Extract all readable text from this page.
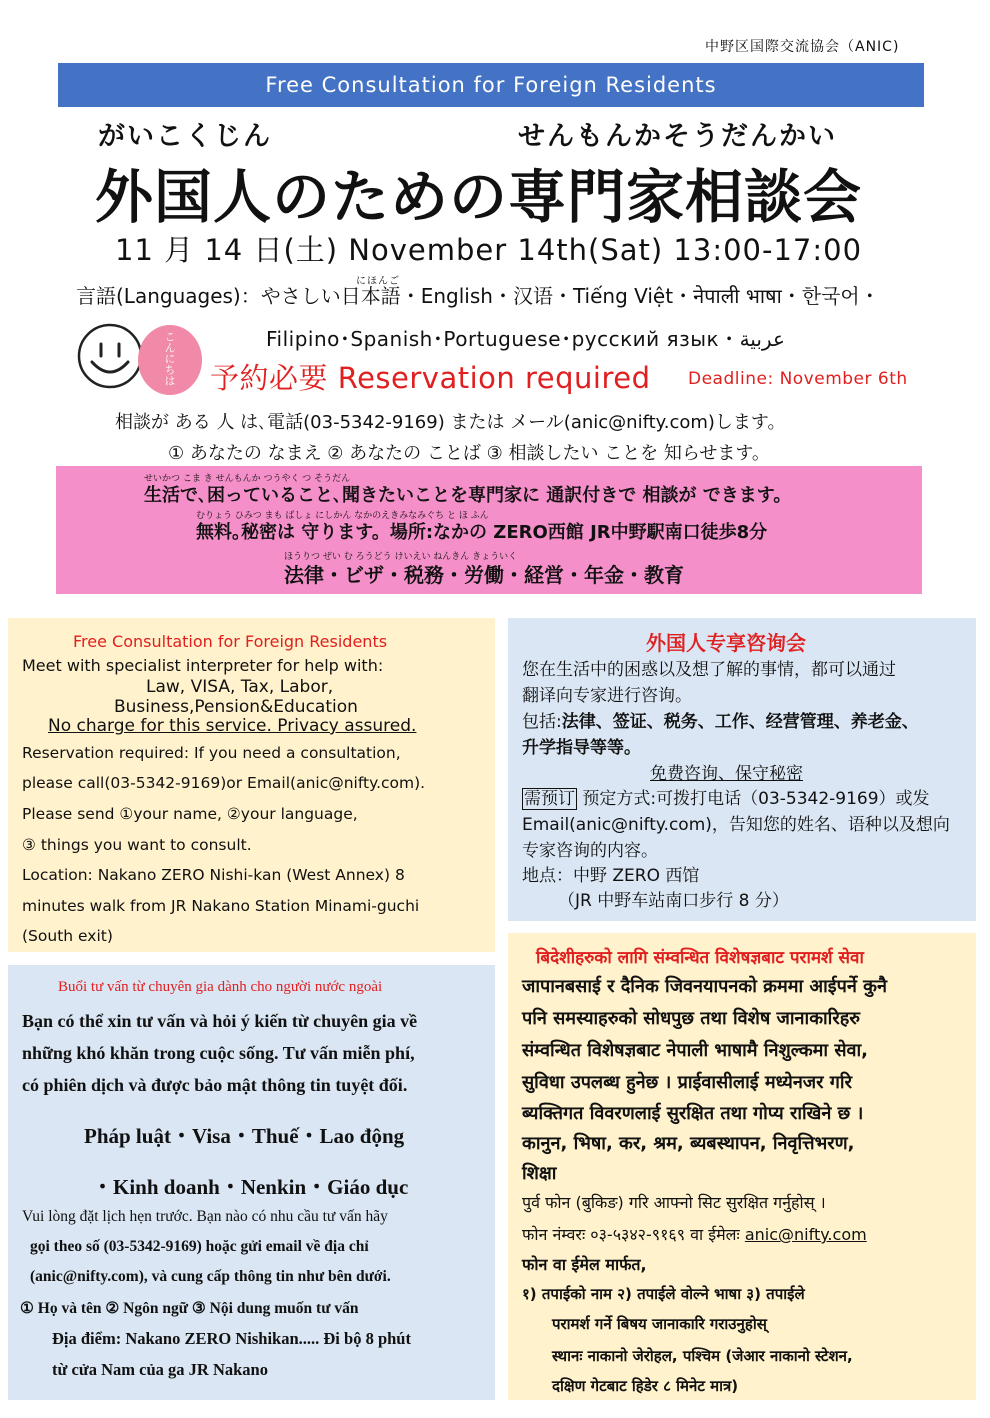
中野区国際交流協会（ANIC)
Free Consultation for Foreign Residents
がいこくじん	せんもんかそうだんかい
外国人のための専門家相談会
11 月 14 日(土) November 14th(Sat) 13:00-17:00
にほんご
言語(Languages)：やさしい日本語・English・汉语・Tiếng Việt・नेपाली भाषा・한국어・
こんにちは	Filipino･Spanish･Portuguese･русский язык・عربية
予約必要 Reservation required Deadline: November 6th
相談が ある 人 は､電話(03-5342-9169) または メール(anic@nifty.com)します。
① あなたの なまえ ② あなたの ことば ③ 相談したい ことを 知らせます。
せいかつ こま き せんもんか つうやく つ そうだん
生活で､困っていること､聞きたいことを専門家に 通訳付きで 相談が できます。
むりょう ひみつ まも ばしょ にしかん なかのえきみなみぐち と ほ ふん
無料｡秘密は 守ります。場所:なかの ZERO西館 JR中野駅南口徒歩8分
ほうりつ ぜい む ろうどう けいえい ねんきん きょういく
法律・ビザ・税務・労働・経営・年金・教育
Free Consultation for Foreign Residents
Meet with specialist interpreter for help with:
Law, VISA, Tax, Labor,
Business,Pension&Education
No charge for this service. Privacy assured.
Reservation required: If you need a consultation,
please call(03-5342-9169)or Email(anic@nifty.com).
Please send ①your name, ②your language,
③ things you want to consult.
Location: Nakano ZERO Nishi-kan (West Annex) 8
minutes walk from JR Nakano Station Minami-guchi
(South exit)
外国人专享咨询会
您在生活中的困惑以及想了解的事情，都可以通过
翻译向专家进行咨询。
包括:法律、签证、税务、工作、经营管理、养老金、
升学指导等等。
免费咨询、保守秘密
需预订 预定方式:可拨打电话（03-5342-9169）或发
Email(anic@nifty.com)，告知您的姓名、语种以及想向
专家咨询的内容。
地点：中野 ZERO 西馆
（JR 中野车站南口步行 8 分）
Buổi tư vấn từ chuyên gia dành cho người nước ngoài
Bạn có thể xin tư vấn và hỏi ý kiến từ chuyên gia về
những khó khăn trong cuộc sống. Tư vấn miễn phí,
có phiên dịch và được bảo mật thông tin tuyệt đối.
Pháp luật・Visa・Thuế・Lao động
・Kinh doanh・Nenkin・Giáo dục
Vui lòng đặt lịch hẹn trước. Bạn nào có nhu cầu tư vấn hãy
gọi theo số (03-5342-9169) hoặc gửi email về địa chỉ
(anic@nifty.com), và cung cấp thông tin như bên dưới.
① Họ và tên ② Ngôn ngữ ③ Nội dung muốn tư vấn
Địa điểm: Nakano ZERO Nishikan..... Đi bộ 8 phút
từ cửa Nam của ga JR Nakano
बिदेशीहरुको लागि संम्वन्धित विशेषज्ञबाट परामर्श सेवा
जापानबसाई र दैनिक जिवनयापनको क्रममा आईपर्ने कुनै
पनि समस्याहरुको सोधपुछ तथा विशेष जानाकारिहरु
संम्वन्धित विशेषज्ञबाट नेपाली भाषामै निशुल्कमा सेवा,
सुविधा उपलब्ध हुनेछ । प्राईवासीलाई मध्येनजर गरि
ब्यक्तिगत विवरणलाई सुरक्षित तथा गोप्य राखिने छ ।
कानुन, भिषा, कर, श्रम, ब्यबस्थापन, निवृत्तिभरण,
शिक्षा
पुर्व फोन (बुकिङ) गरि आफ्नो सिट सुरक्षित गर्नुहोस् ।
फोन नंम्वरः ०३-५३४२-९१६९ वा ईमेलः anic@nifty.com
फोन वा ईमेल मार्फत,
१) तपाईको नाम २) तपाईले वोल्ने भाषा ३) तपाईले
परामर्श गर्ने बिषय जानाकारि गराउनुहोस्
स्थानः नाकानो जेरोहल, पश्चिम (जेआर नाकानो स्टेशन,
दक्षिण गेटबाट हिडेर ८ मिनेट मात्र)
